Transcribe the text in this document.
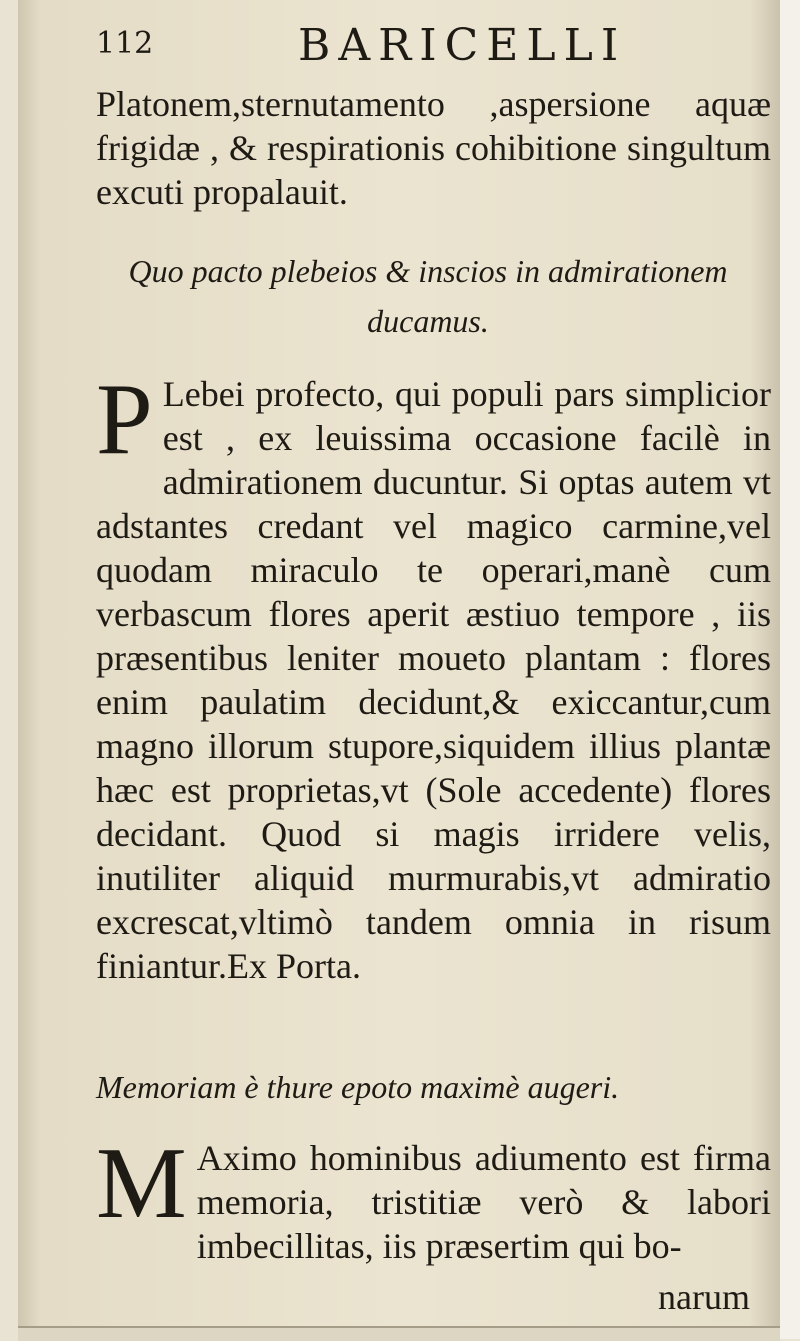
112	BARICELLI

Platonem,sternutamento ,aspersione aquæ frigidæ , & respirationis cohibitione singultum excuti propalauit.

Quo pacto plebeios & inscios in admirationem ducamus.
P Lebei profecto, qui populi pars simplicior est , ex leuissima occasione facilè in admirationem ducuntur. Si optas autem vt adstantes credant vel magico carmine,vel quodam miraculo te operari,manè cum verbascum flores aperit æstiuo tempore , iis præsentibus leniter moueto plantam : flores enim paulatim decidunt,& exiccantur,cum magno illorum stupore,siquidem illius plantæ hæc est proprietas,vt (Sole accedente) flores decidant. Quod si magis irridere velis, inutiliter aliquid murmurabis,vt admiratio excrescat,vltimò tandem omnia in risum finiantur.Ex Porta.
Memoriam è thure epoto maximè augeri.
M Aximo hominibus adiumento est firma memoria, tristitiæ verò & labori imbecillitas, iis præsertim qui bo-
narum
